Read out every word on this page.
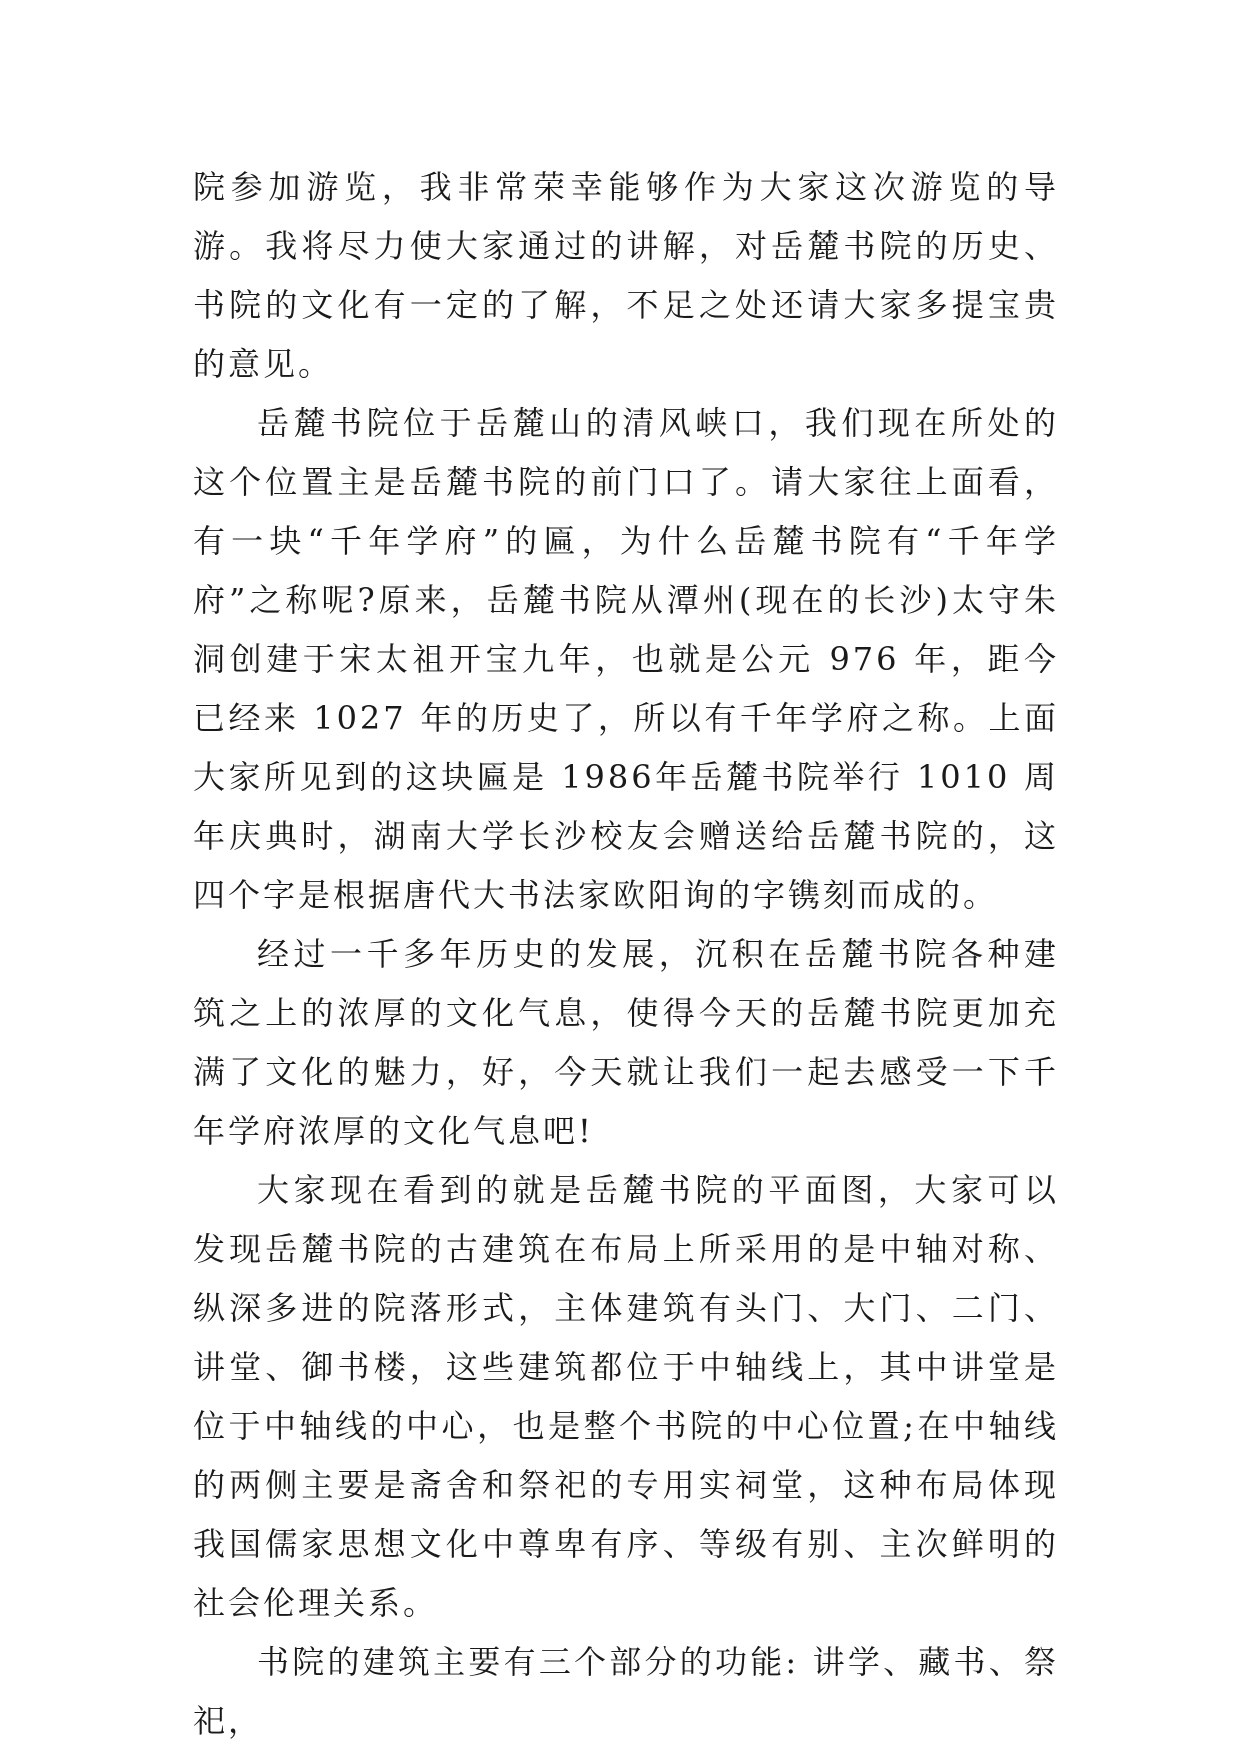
院参加游览，我非常荣幸能够作为大家这次游览的导游。我将尽力使大家通过的讲解，对岳麓书院的历史、书院的文化有一定的了解，不足之处还请大家多提宝贵的意见。

岳麓书院位于岳麓山的清风峡口，我们现在所处的这个位置主是岳麓书院的前门口了。请大家往上面看，有一块“千年学府”的匾，为什么岳麓书院有“千年学府”之称呢?原来，岳麓书院从潭州(现在的长沙)太守朱洞创建于宋太祖开宝九年，也就是公元 976 年，距今已经来 1027 年的历史了，所以有千年学府之称。上面大家所见到的这块匾是 1986年岳麓书院举行 1010 周年庆典时，湖南大学长沙校友会赠送给岳麓书院的，这四个字是根据唐代大书法家欧阳询的字镌刻而成的。

经过一千多年历史的发展，沉积在岳麓书院各种建筑之上的浓厚的文化气息，使得今天的岳麓书院更加充满了文化的魅力，好，今天就让我们一起去感受一下千年学府浓厚的文化气息吧!

大家现在看到的就是岳麓书院的平面图，大家可以发现岳麓书院的古建筑在布局上所采用的是中轴对称、纵深多进的院落形式，主体建筑有头门、大门、二门、讲堂、御书楼，这些建筑都位于中轴线上，其中讲堂是位于中轴线的中心，也是整个书院的中心位置;在中轴线的两侧主要是斋舍和祭祀的专用实祠堂，这种布局体现我国儒家思想文化中尊卑有序、等级有别、主次鲜明的社会伦理关系。

书院的建筑主要有三个部分的功能: 讲学、藏书、祭祀，
